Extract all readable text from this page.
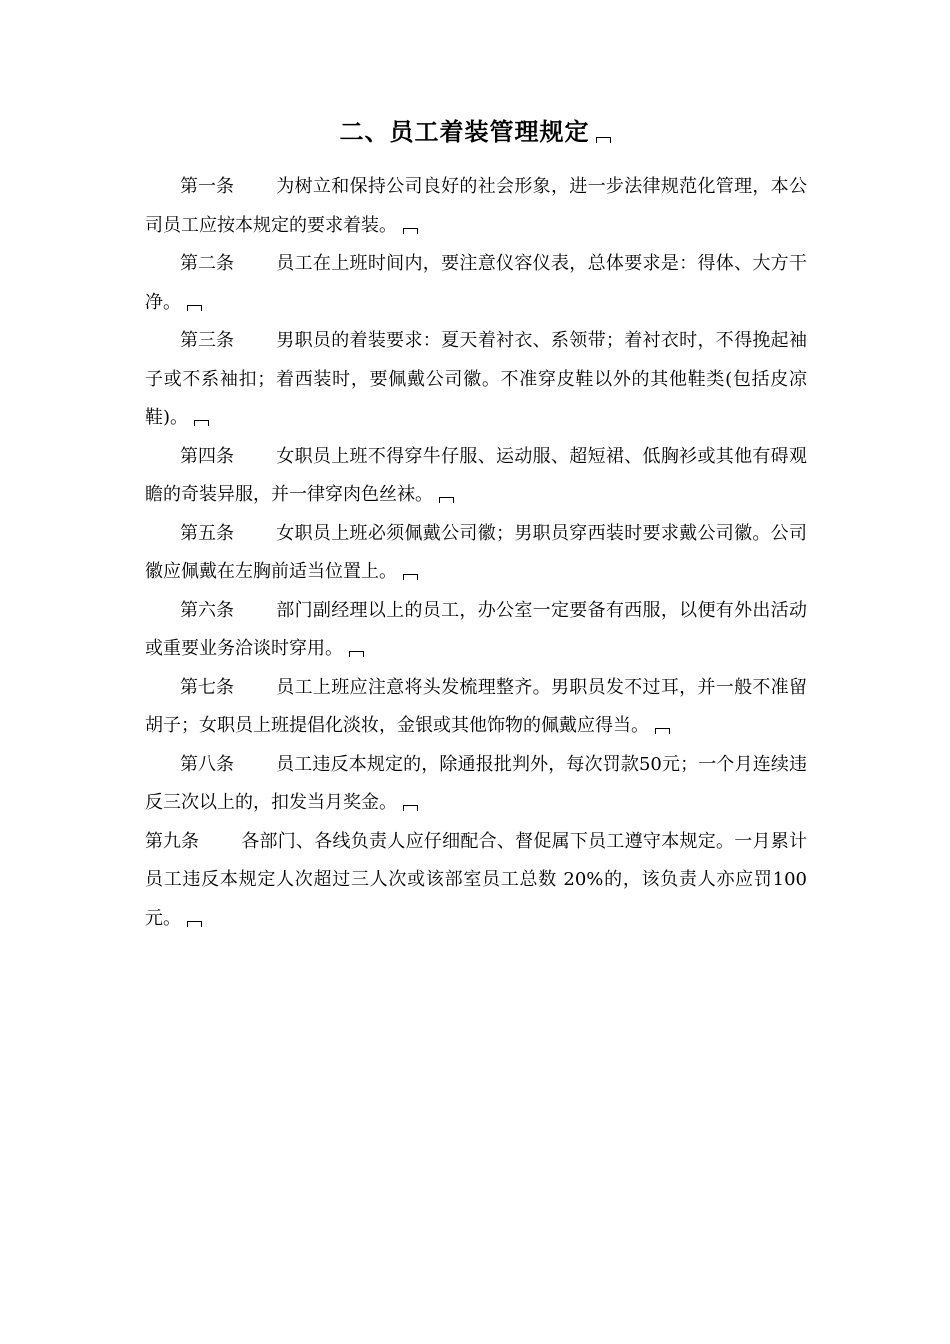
二、员工着装管理规定

第一条 为树立和保持公司良好的社会形象，进一步法律规范化管理，本公司员工应按本规定的要求着装。

第二条 员工在上班时间内，要注意仪容仪表，总体要求是：得体、大方干净。

第三条 男职员的着装要求：夏天着衬衣、系领带；着衬衣时，不得挽起袖子或不系袖扣；着西装时，要佩戴公司徽。不准穿皮鞋以外的其他鞋类(包括皮凉鞋)。

第四条 女职员上班不得穿牛仔服、运动服、超短裙、低胸衫或其他有碍观瞻的奇装异服，并一律穿肉色丝袜。

第五条 女职员上班必须佩戴公司徽；男职员穿西装时要求戴公司徽。公司徽应佩戴在左胸前适当位置上。

第六条 部门副经理以上的员工，办公室一定要备有西服，以便有外出活动或重要业务洽谈时穿用。

第七条 员工上班应注意将头发梳理整齐。男职员发不过耳，并一般不准留胡子；女职员上班提倡化淡妆，金银或其他饰物的佩戴应得当。

第八条 员工违反本规定的，除通报批判外，每次罚款50元；一个月连续违反三次以上的，扣发当月奖金。

第九条 各部门、各线负责人应仔细配合、督促属下员工遵守本规定。一月累计员工违反本规定人次超过三人次或该部室员工总数 20%的，该负责人亦应罚100元。
